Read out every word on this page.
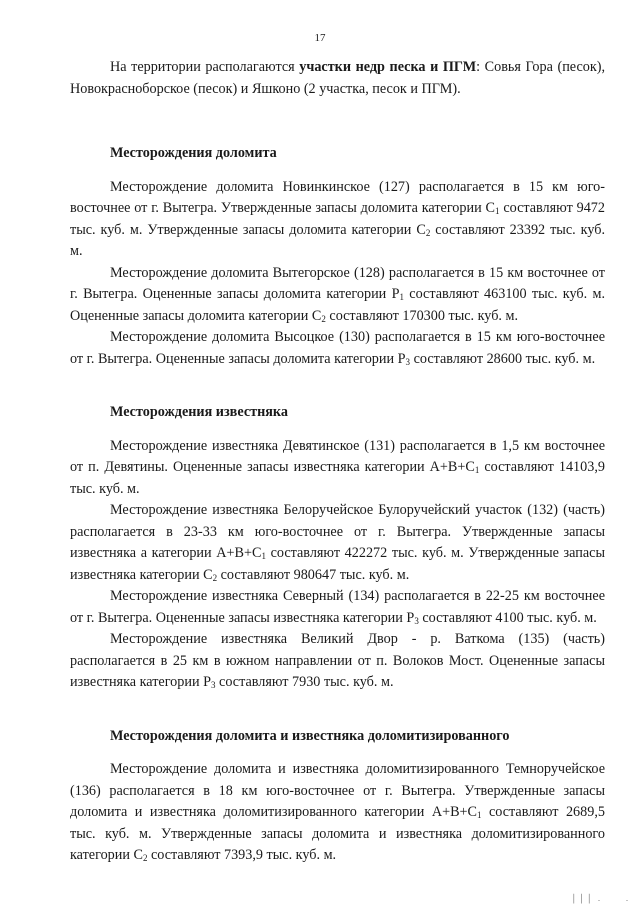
17

На территории располагаются участки недр песка и ПГМ: Совья Гора (песок), Новокрасноборское (песок) и Яшконо (2 участка, песок и ПГМ).

Месторождения доломита

Месторождение доломита Новинкинское (127) располагается в 15 км юго-восточнее от г. Вытегра. Утвержденные запасы доломита категории $С_1$ составляют 9472 тыс. куб. м. Утвержденные запасы доломита категории $С_2$ составляют 23392 тыс. куб. м.

Месторождение доломита Вытегорское (128) располагается в 15 км восточнее от г. Вытегра. Оцененные запасы доломита категории $Р_1$ составляют 463100 тыс. куб. м. Оцененные запасы доломита категории $С_2$ составляют 170300 тыс. куб. м.

Месторождение доломита Высоцкое (130) располагается в 15 км юго-восточнее от г. Вытегра. Оцененные запасы доломита категории $Р_3$ составляют 28600 тыс. куб. м.

Месторождения известняка

Месторождение известняка Девятинское (131) располагается в 1,5 км восточнее от п. Девятины. Оцененные запасы известняка категории $А+В+С_1$ составляют 14103,9 тыс. куб. м.

Месторождение известняка Белоручейское Булоручейский участок (132) (часть) располагается в 23-33 км юго-восточнее от г. Вытегра. Утвержденные запасы известняка а категории $А+В+С_1$ составляют 422272 тыс. куб. м. Утвержденные запасы известняка категории $С_2$ составляют 980647 тыс. куб. м.

Месторождение известняка Северный (134) располагается в 22-25 км восточнее от г. Вытегра. Оцененные запасы известняка категории $Р_3$ составляют 4100 тыс. куб. м.

Месторождение известняка Великий Двор - р. Ваткома (135) (часть) располагается в 25 км в южном направлении от п. Волоков Мост. Оцененные запасы известняка категории $Р_3$ составляют 7930 тыс. куб. м.

Месторождения доломита и известняка доломитизированного

Месторождение доломита и известняка доломитизированного Темноручейское (136) располагается в 18 км юго-восточнее от г. Вытегра. Утвержденные запасы доломита и известняка доломитизированного категории $А+В+С_1$ составляют 2689,5 тыс. куб. м. Утвержденные запасы доломита и известняка доломитизированного категории $С_2$ составляют 7393,9 тыс. куб. м.

│││ .      .
